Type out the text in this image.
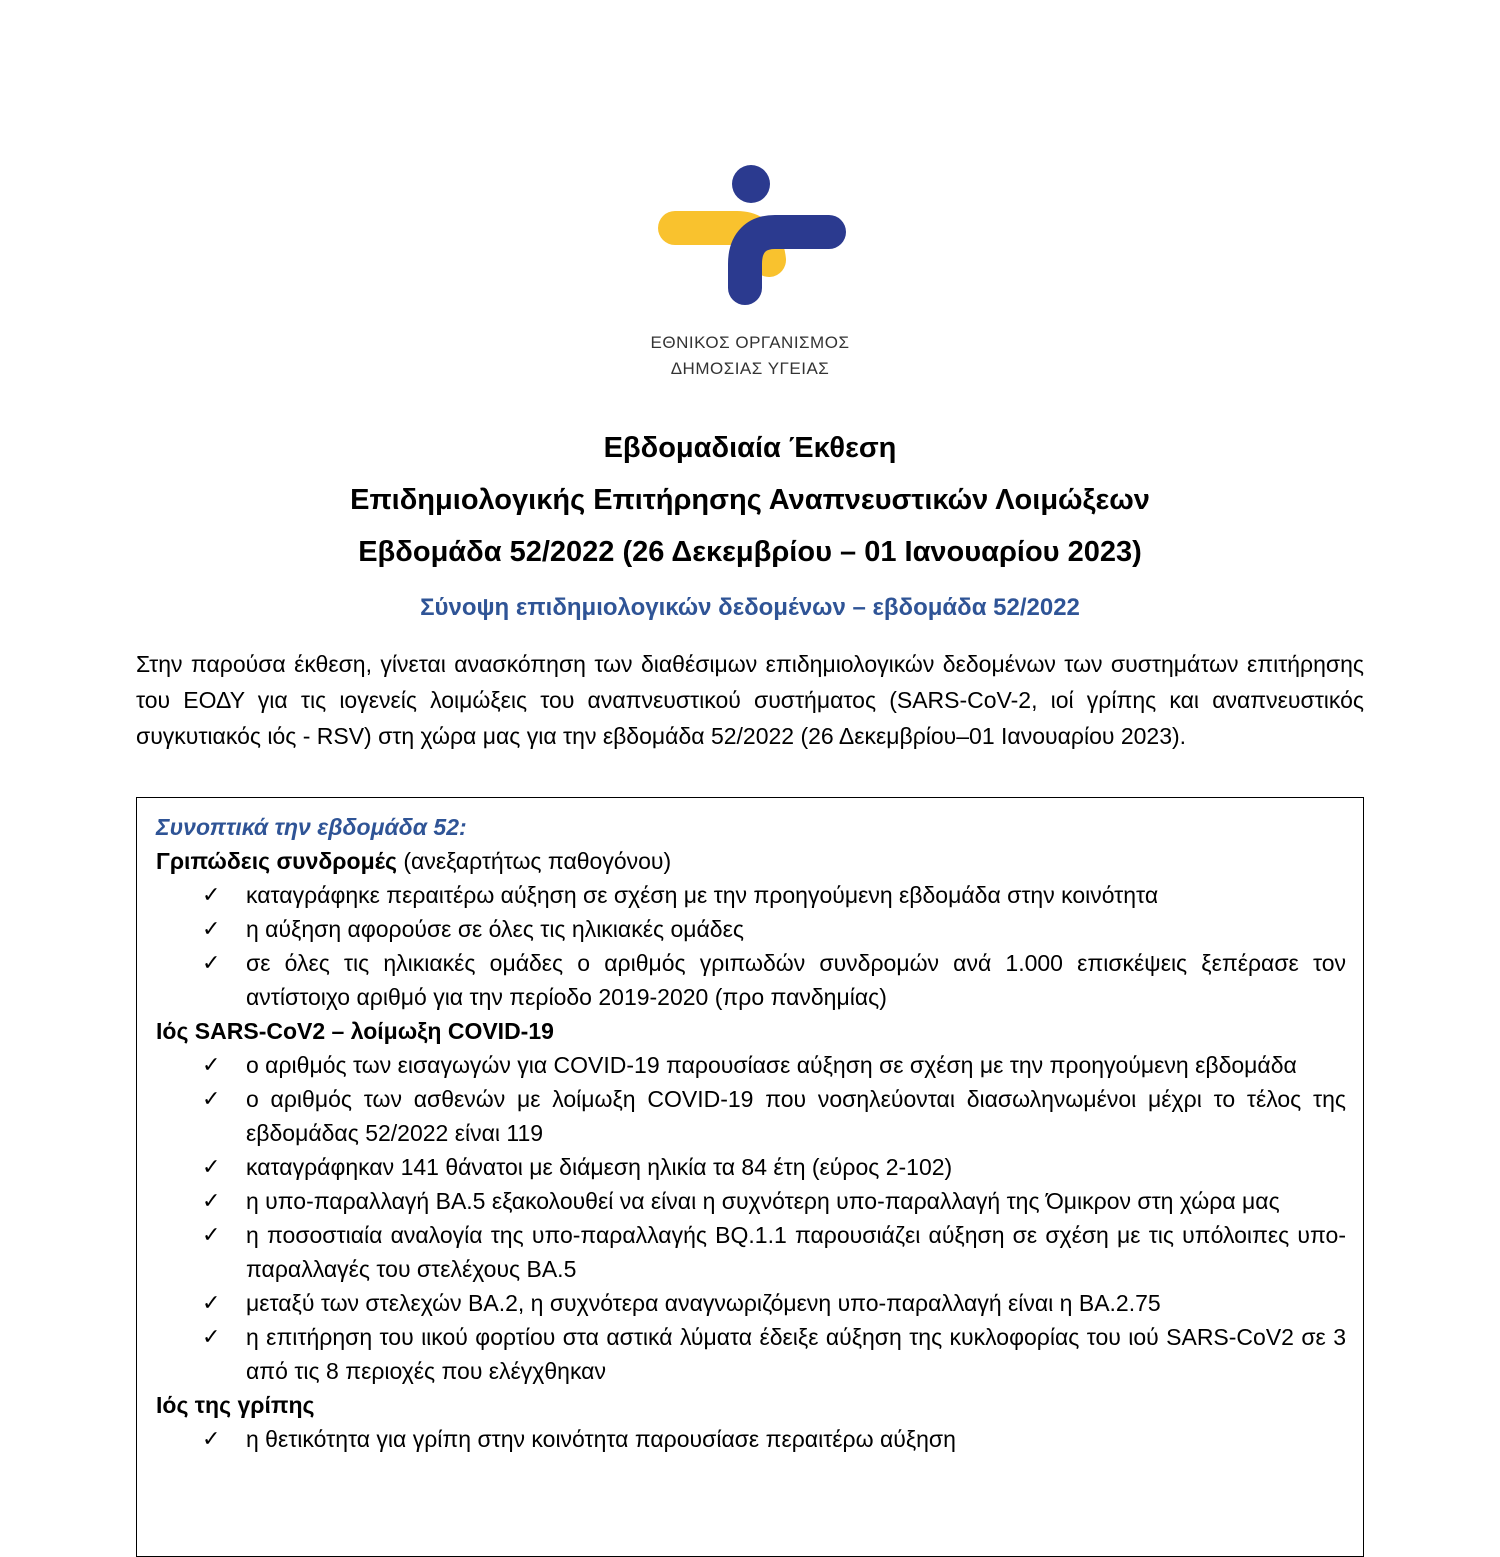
ΕΘΝΙΚΟΣ ΟΡΓΑΝΙΣΜΟΣ
ΔΗΜΟΣΙΑΣ ΥΓΕΙΑΣ
Εβδομαδιαία Έκθεση
Επιδημιολογικής Επιτήρησης Αναπνευστικών Λοιμώξεων
Εβδομάδα 52/2022 (26 Δεκεμβρίου – 01 Ιανουαρίου 2023)
Σύνοψη επιδημιολογικών δεδομένων – εβδομάδα 52/2022
Στην παρούσα έκθεση, γίνεται ανασκόπηση των διαθέσιμων επιδημιολογικών δεδομένων των συστημάτων επιτήρησης του ΕΟΔΥ για τις ιογενείς λοιμώξεις του αναπνευστικού συστήματος (SARS-CoV-2, ιοί γρίπης και αναπνευστικός συγκυτιακός ιός - RSV) στη χώρα μας για την εβδομάδα 52/2022 (26 Δεκεμβρίου–01 Ιανουαρίου 2023).
Συνοπτικά την εβδομάδα 52:
Γριπώδεις συνδρομές (ανεξαρτήτως παθογόνου)
✓ καταγράφηκε περαιτέρω αύξηση σε σχέση με την προηγούμενη εβδομάδα στην κοινότητα
✓ η αύξηση αφορούσε σε όλες τις ηλικιακές ομάδες
✓ σε όλες τις ηλικιακές ομάδες ο αριθμός γριπωδών συνδρομών ανά 1.000 επισκέψεις ξεπέρασε τον αντίστοιχο αριθμό για την περίοδο 2019-2020 (προ πανδημίας)
Ιός SARS-CoV2 – λοίμωξη COVID-19
✓ ο αριθμός των εισαγωγών για COVID-19 παρουσίασε αύξηση σε σχέση με την προηγούμενη εβδομάδα
✓ ο αριθμός των ασθενών με λοίμωξη COVID-19 που νοσηλεύονται διασωληνωμένοι μέχρι το τέλος της εβδομάδας 52/2022 είναι 119
✓ καταγράφηκαν 141 θάνατοι με διάμεση ηλικία τα 84 έτη (εύρος 2-102)
✓ η υπο-παραλλαγή BA.5 εξακολουθεί να είναι η συχνότερη υπο-παραλλαγή της Όμικρον στη χώρα μας
✓ η ποσοστιαία αναλογία της υπο-παραλλαγής BQ.1.1 παρουσιάζει αύξηση σε σχέση με τις υπόλοιπες υπο-παραλλαγές του στελέχους BA.5
✓ μεταξύ των στελεχών BA.2, η συχνότερα αναγνωριζόμενη υπο-παραλλαγή είναι η BA.2.75
✓ η επιτήρηση του ιικού φορτίου στα αστικά λύματα έδειξε αύξηση της κυκλοφορίας του ιού SARS-CoV2 σε 3 από τις 8 περιοχές που ελέγχθηκαν
Ιός της γρίπης
✓ η θετικότητα για γρίπη στην κοινότητα παρουσίασε περαιτέρω αύξηση
